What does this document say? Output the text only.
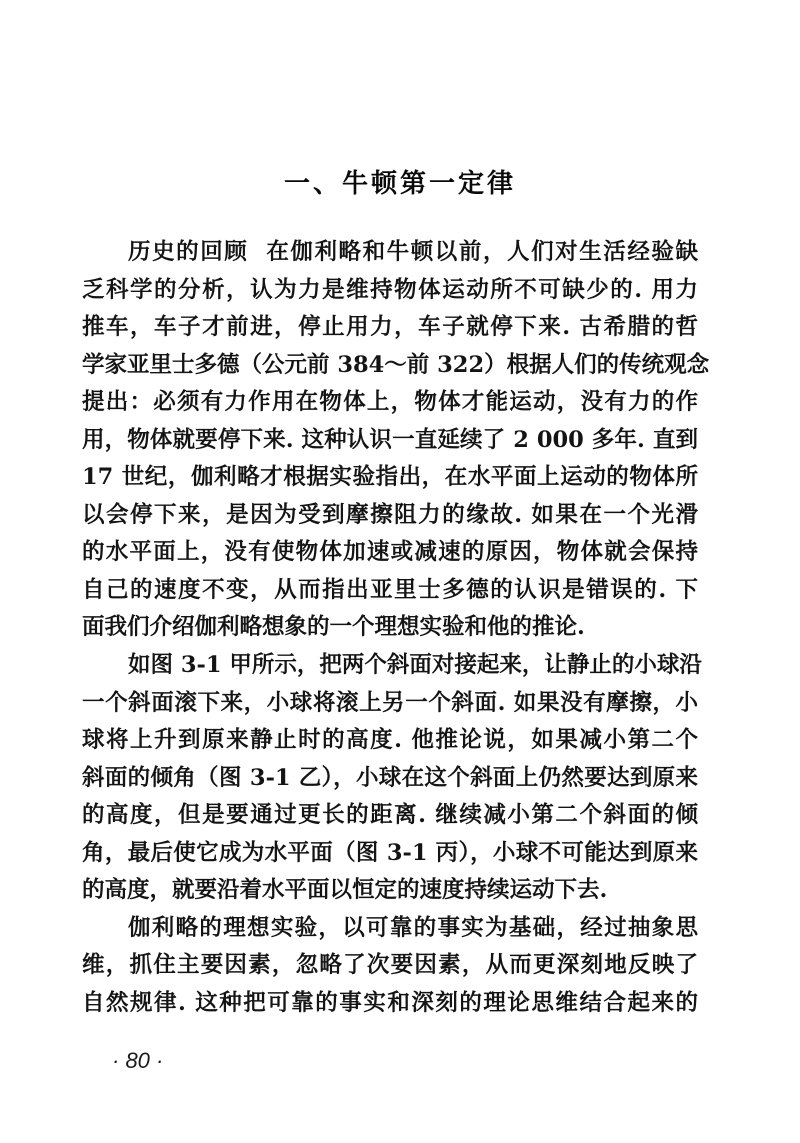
一、牛顿第一定律
历史的回顾 在伽利略和牛顿以前，人们对生活经验缺
乏科学的分析，认为力是维持物体运动所不可缺少的. 用力
推车，车子才前进，停止用力，车子就停下来. 古希腊的哲
学家亚里士多德（公元前 384～前 322）根据人们的传统观念
提出：必须有力作用在物体上，物体才能运动，没有力的作
用，物体就要停下来. 这种认识一直延续了 2 000 多年. 直到
17 世纪，伽利略才根据实验指出，在水平面上运动的物体所
以会停下来，是因为受到摩擦阻力的缘故. 如果在一个光滑
的水平面上，没有使物体加速或减速的原因，物体就会保持
自己的速度不变，从而指出亚里士多德的认识是错误的. 下
面我们介绍伽利略想象的一个理想实验和他的推论.
如图 3-1 甲所示，把两个斜面对接起来，让静止的小球沿
一个斜面滚下来，小球将滚上另一个斜面. 如果没有摩擦，小
球将上升到原来静止时的高度. 他推论说，如果减小第二个
斜面的倾角（图 3-1 乙），小球在这个斜面上仍然要达到原来
的高度，但是要通过更长的距离. 继续减小第二个斜面的倾
角，最后使它成为水平面（图 3-1 丙），小球不可能达到原来
的高度，就要沿着水平面以恒定的速度持续运动下去.
伽利略的理想实验，以可靠的事实为基础，经过抽象思
维，抓住主要因素，忽略了次要因素，从而更深刻地反映了
自然规律. 这种把可靠的事实和深刻的理论思维结合起来的
· 80 ·
